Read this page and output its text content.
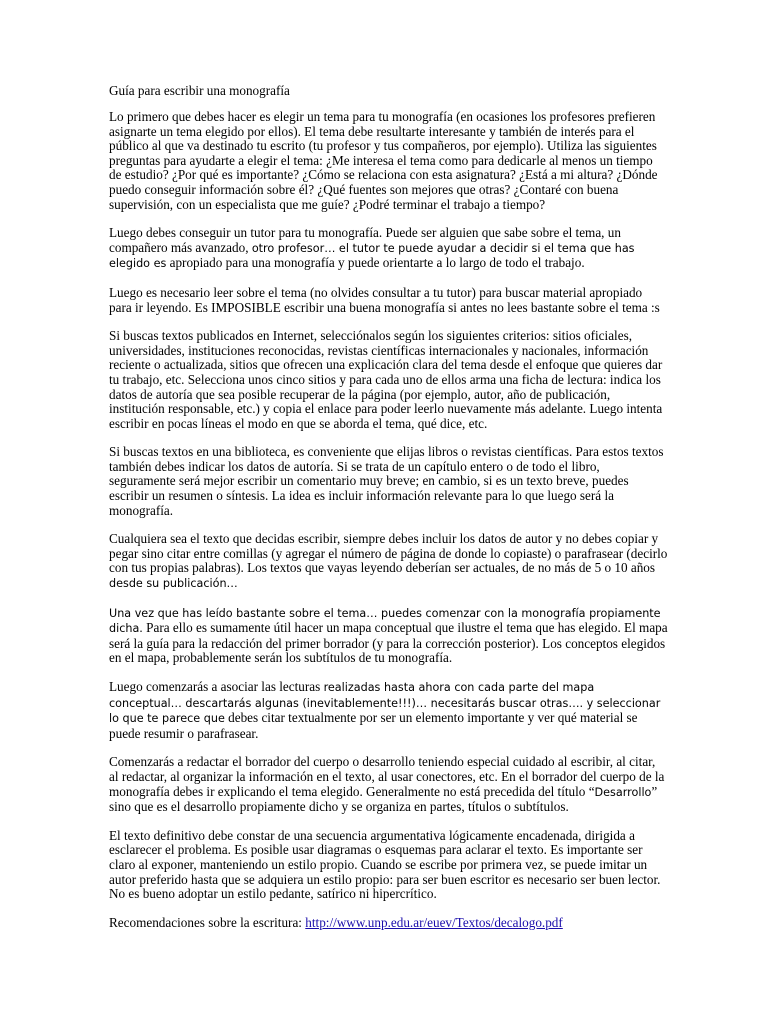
Guía para escribir una monografía

Lo primero que debes hacer es elegir un tema para tu monografía (en ocasiones los profesores prefieren asignarte un tema elegido por ellos). El tema debe resultarte interesante y también de interés para el público al que va destinado tu escrito (tu profesor y tus compañeros, por ejemplo). Utiliza las siguientes preguntas para ayudarte a elegir el tema: ¿Me interesa el tema como para dedicarle al menos un tiempo de estudio? ¿Por qué es importante? ¿Cómo se relaciona con esta asignatura? ¿Está a mi altura? ¿Dónde puedo conseguir información sobre él? ¿Qué fuentes son mejores que otras? ¿Contaré con buena supervisión, con un especialista que me guíe? ¿Podré terminar el trabajo a tiempo?

Luego debes conseguir un tutor para tu monografía. Puede ser alguien que sabe sobre el tema, un compañero más avanzado, otro profesor… el tutor te puede ayudar a decidir si el tema que has elegido es apropiado para una monografía y puede orientarte a lo largo de todo el trabajo.

Luego es necesario leer sobre el tema (no olvides consultar a tu tutor) para buscar material apropiado para ir leyendo. Es IMPOSIBLE escribir una buena monografía si antes no lees bastante sobre el tema :s

Si buscas textos publicados en Internet, selecciónalos según los siguientes criterios: sitios oficiales, universidades, instituciones reconocidas, revistas científicas internacionales y nacionales, información reciente o actualizada, sitios que ofrecen una explicación clara del tema desde el enfoque que quieres dar tu trabajo, etc. Selecciona unos cinco sitios y para cada uno de ellos arma una ficha de lectura: indica los datos de autoría que sea posible recuperar de la página (por ejemplo, autor, año de publicación, institución responsable, etc.) y copia el enlace para poder leerlo nuevamente más adelante. Luego intenta escribir en pocas líneas el modo en que se aborda el tema, qué dice, etc.

Si buscas textos en una biblioteca, es conveniente que elijas libros o revistas científicas. Para estos textos también debes indicar los datos de autoría. Si se trata de un capítulo entero o de todo el libro, seguramente será mejor escribir un comentario muy breve; en cambio, si es un texto breve, puedes escribir un resumen o síntesis. La idea es incluir información relevante para lo que luego será la monografía.

Cualquiera sea el texto que decidas escribir, siempre debes incluir los datos de autor y no debes copiar y pegar sino citar entre comillas (y agregar el número de página de donde lo copiaste) o parafrasear (decirlo con tus propias palabras). Los textos que vayas leyendo deberían ser actuales, de no más de 5 o 10 años desde su publicación…

Una vez que has leído bastante sobre el tema… puedes comenzar con la monografía propiamente dicha. Para ello es sumamente útil hacer un mapa conceptual que ilustre el tema que has elegido. El mapa será la guía para la redacción del primer borrador (y para la corrección posterior). Los conceptos elegidos en el mapa, probablemente serán los subtítulos de tu monografía.

Luego comenzarás a asociar las lecturas realizadas hasta ahora con cada parte del mapa conceptual… descartarás algunas (inevitablemente!!!)… necesitarás buscar otras…. y seleccionar lo que te parece que debes citar textualmente por ser un elemento importante y ver qué material se puede resumir o parafrasear.

Comenzarás a redactar el borrador del cuerpo o desarrollo teniendo especial cuidado al escribir, al citar, al redactar, al organizar la información en el texto, al usar conectores, etc. En el borrador del cuerpo de la monografía debes ir explicando el tema elegido. Generalmente no está precedida del título “Desarrollo” sino que es el desarrollo propiamente dicho y se organiza en partes, títulos o subtítulos.

El texto definitivo debe constar de una secuencia argumentativa lógicamente encadenada, dirigida a esclarecer el problema. Es posible usar diagramas o esquemas para aclarar el texto. Es importante ser claro al exponer, manteniendo un estilo propio. Cuando se escribe por primera vez, se puede imitar un autor preferido hasta que se adquiera un estilo propio: para ser buen escritor es necesario ser buen lector. No es bueno adoptar un estilo pedante, satírico ni hipercrítico.

Recomendaciones sobre la escritura: http://www.unp.edu.ar/euev/Textos/decalogo.pdf
